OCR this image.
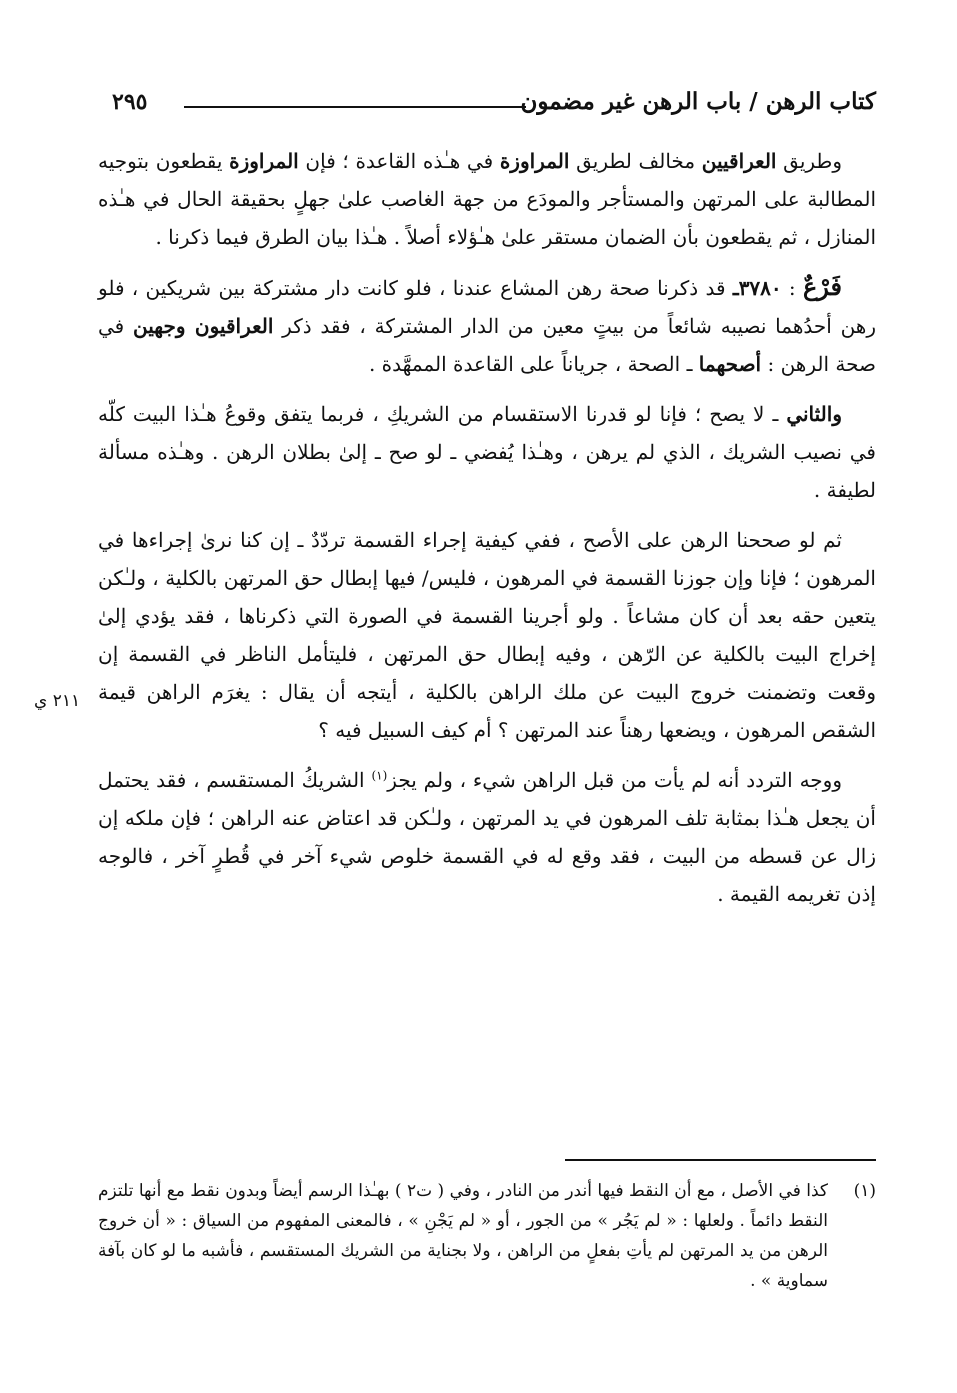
كتاب الرهن / باب الرهن غير مضمون
٢٩٥
٢١١ ي

وطريق العراقيين مخالف لطريق المراوزة في هـٰذه القاعدة ؛ فإن المراوزة يقطعون بتوجيه المطالبة على المرتهن والمستأجر والمودَع من جهة الغاصب علىٰ جهلٍ بحقيقة الحال في هـٰذه المنازل ، ثم يقطعون بأن الضمان مستقر علىٰ هـٰؤلاء أصلاً . هـٰذا بيان الطرق فيما ذكرنا .

فَرْعٌ : ٣٧٨٠ـ قد ذكرنا صحة رهن المشاع عندنا ، فلو كانت دار مشتركة بين شريكين ، فلو رهن أحدُهما نصيبه شائعاً من بيتٍ معين من الدار المشتركة ، فقد ذكر العراقيون وجهين في صحة الرهن : أصحهما ـ الصحة ، جرياناً على القاعدة الممهَّدة .

والثاني ـ لا يصح ؛ فإنا لو قدرنا الاستقسام من الشريكِ ، فربما يتفق وقوعُ هـٰذا البيت كلّه في نصيب الشريك ، الذي لم يرهن ، وهـٰذا يُفضي ـ لو صح ـ إلىٰ بطلان الرهن . وهـٰذه مسألة لطيفة .

ثم لو صححنا الرهن على الأصح ، ففي كيفية إجراء القسمة تردّدٌ ـ إن كنا نرىٰ إجراءها في المرهون ؛ فإنا وإن جوزنا القسمة في المرهون ، فليس/ فيها إبطال حق المرتهن بالكلية ، ولـٰكن يتعين حقه بعد أن كان مشاعاً . ولو أجرينا القسمة في الصورة التي ذكرناها ، فقد يؤدي إلىٰ إخراج البيت بالكلية عن الرّهن ، وفيه إبطال حق المرتهن ، فليتأمل الناظر في القسمة إن وقعت وتضمنت خروج البيت عن ملك الراهن بالكلية ، أيتجه أن يقال : يغرَم الراهن قيمة الشقص المرهون ، ويضعها رهناً عند المرتهن ؟ أم كيف السبيل فيه ؟

ووجه التردد أنه لم يأت من قبل الراهن شيء ، ولم يجز$^{(١)}$ الشريكُ المستقسم ، فقد يحتمل أن يجعل هـٰذا بمثابة تلف المرهون في يد المرتهن ، ولـٰكن قد اعتاض عنه الراهن ؛ فإن ملكه إن زال عن قسطه من البيت ، فقد وقع له في القسمة خلوص شيء آخر في قُطرٍ آخر ، فالوجه إذن تغريمه القيمة .

(١)
كذا في الأصل ، مع أن النقط فيها أندر من النادر ، وفي ( ت٢ ) بهـٰذا الرسم أيضاً وبدون نقط مع أنها تلتزم النقط دائماً . ولعلها : « لم يَجُر » من الجور ، أو « لم يَجْنِ » ، فالمعنى المفهوم من السياق : « أن خروج الرهن من يد المرتهن لم يأتِ بفعلٍ من الراهن ، ولا بجناية من الشريك المستقسم ، فأشبه ما لو كان بآفة سماوية » .
